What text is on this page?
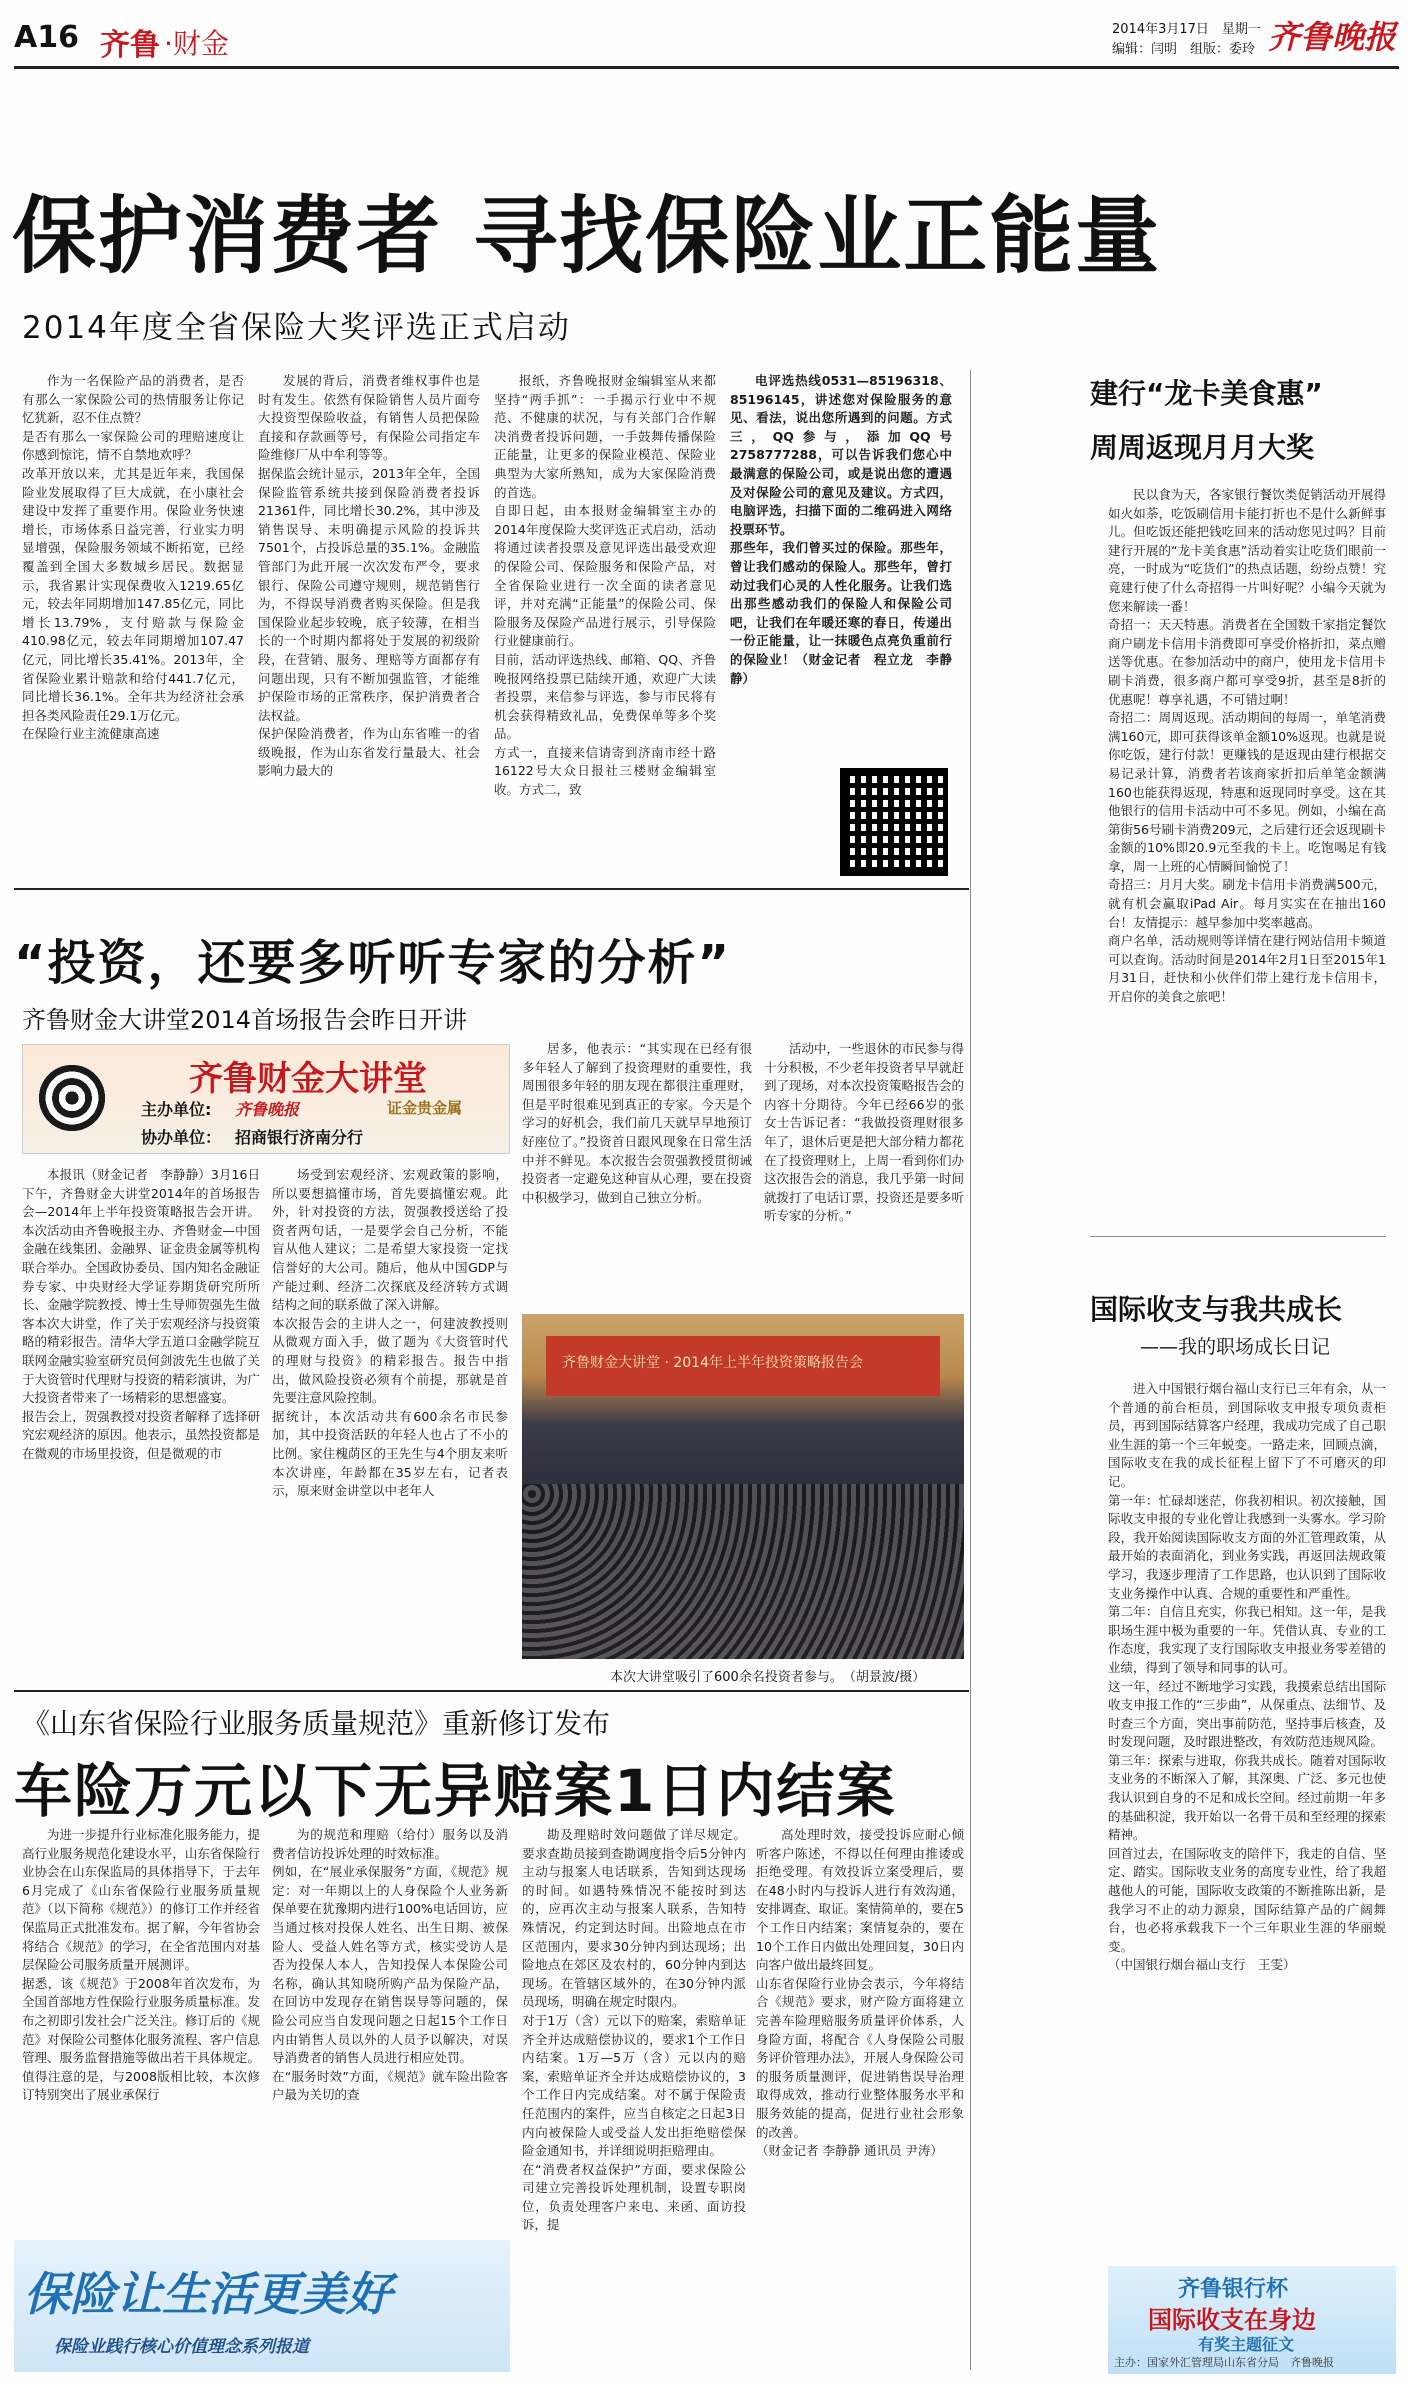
A16 齐鲁 ·财金	2014年3月17日　星期一
编辑：闫明　组版：委玲 齐鲁晚报
保护消费者 寻找保险业正能量
2014年度全省保险大奖评选正式启动

作为一名保险产品的消费者，是否有那么一家保险公司的热情服务让你记忆犹新，忍不住点赞？
是否有那么一家保险公司的理赔速度让你感到惊诧，情不自禁地欢呼？
改革开放以来，尤其是近年来，我国保险业发展取得了巨大成就，在小康社会建设中发挥了重要作用。保险业务快速增长，市场体系日益完善，行业实力明显增强，保险服务领域不断拓宽，已经覆盖到全国大多数城乡居民。数据显示，我省累计实现保费收入1219.65亿元，较去年同期增加147.85亿元，同比增长13.79%，支付赔款与保险金410.98亿元，较去年同期增加107.47亿元，同比增长35.41%。2013年，全省保险业累计赔款和给付441.7亿元，同比增长36.1%。全年共为经济社会承担各类风险责任29.1万亿元。
在保险行业主流健康高速

发展的背后，消费者维权事件也是时有发生。依然有保险销售人员片面夸大投资型保险收益，有销售人员把保险直接和存款画等号，有保险公司指定车险维修厂从中牟利等等。
据保监会统计显示，2013年全年，全国保险监管系统共接到保险消费者投诉21361件，同比增长30.2%，其中涉及销售误导、未明确提示风险的投诉共7501个，占投诉总量的35.1%。金融监管部门为此开展一次次发布严令，要求银行、保险公司遵守规则，规范销售行为，不得误导消费者购买保险。但是我国保险业起步较晚，底子较薄，在相当长的一个时期内都将处于发展的初级阶段，在营销、服务、理赔等方面都存有问题出现，只有不断加强监管，才能维护保险市场的正常秩序，保护消费者合法权益。
保护保险消费者，作为山东省唯一的省级晚报，作为山东省发行量最大、社会影响力最大的

报纸，齐鲁晚报财金编辑室从来都坚持“两手抓”：一手揭示行业中不规范、不健康的状况，与有关部门合作解决消费者投诉问题，一手鼓舞传播保险正能量，让更多的保险业模范、保险业典型为大家所熟知，成为大家保险消费的首选。
自即日起，由本报财金编辑室主办的2014年度保险大奖评选正式启动，活动将通过读者投票及意见评选出最受欢迎的保险公司、保险服务和保险产品，对全省保险业进行一次全面的读者意见评，并对充满“正能量”的保险公司、保险服务及保险产品进行展示，引导保险行业健康前行。
目前，活动评选热线、邮箱、QQ、齐鲁晚报网络投票已陆续开通，欢迎广大读者投票，来信参与评选，参与市民将有机会获得精致礼品，免费保单等多个奖品。
方式一，直接来信请寄到济南市经十路16122号大众日报社三楼财金编辑室收。方式二，致

电评选热线0531—85196318、85196145，讲述您对保险服务的意见、看法，说出您所遇到的问题。方式三，QQ参与，添加QQ号2758777288，可以告诉我们您心中最满意的保险公司，或是说出您的遭遇及对保险公司的意见及建议。方式四，电脑评选，扫描下面的二维码进入网络投票环节。
那些年，我们曾买过的保险。那些年，曾让我们感动的保险人。那些年，曾打动过我们心灵的人性化服务。让我们选出那些感动我们的保险人和保险公司吧，让我们在年暖还寒的春日，传递出一份正能量，让一抹暖色点亮负重前行的保险业！（财金记者　程立龙　李静静）

“投资，还要多听听专家的分析”
齐鲁财金大讲堂2014首场报告会昨日开讲
齐鲁财金大讲堂
主办单位: 齐鲁晚报	证金贵金属
协办单位： 招商银行济南分行

本报讯（财金记者　李静静）3月16日下午，齐鲁财金大讲堂2014年的首场报告会—2014年上半年投资策略报告会开讲。本次活动由齐鲁晚报主办、齐鲁财金—中国金融在线集团、金融界、证金贵金属等机构联合举办。全国政协委员、国内知名金融证券专家、中央财经大学证券期货研究所所长、金融学院教授、博士生导师贺强先生做客本次大讲堂，作了关于宏观经济与投资策略的精彩报告。清华大学五道口金融学院互联网金融实验室研究员何剑波先生也做了关于大资管时代理财与投资的精彩演讲，为广大投资者带来了一场精彩的思想盛宴。
报告会上，贺强教授对投资者解释了选择研究宏观经济的原因。他表示，虽然投资都是在微观的市场里投资，但是微观的市

场受到宏观经济、宏观政策的影响，所以要想搞懂市场，首先要搞懂宏观。此外，针对投资的方法，贺强教授送给了投资者两句话，一是要学会自己分析，不能盲从他人建议；二是希望大家投资一定找信誉好的大公司。随后，他从中国GDP与产能过剩、经济二次探底及经济转方式调结构之间的联系做了深入讲解。
本次报告会的主讲人之一，何建波教授则从微观方面入手，做了题为《大资管时代的理财与投资》的精彩报告。报告中指出，做风险投资必须有个前提，那就是首先要注意风险控制。
据统计，本次活动共有600余名市民参加，其中投资活跃的年轻人也占了不小的比例。家住槐荫区的王先生与4个朋友来听本次讲座，年龄都在35岁左右，记者表示，原来财金讲堂以中老年人

居多，他表示：“其实现在已经有很多年轻人了解到了投资理财的重要性，我周围很多年轻的朋友现在都很注重理财，但是平时很难见到真正的专家。今天是个学习的好机会，我们前几天就早早地预订好座位了。”投资首日跟风现象在日常生活中并不鲜见。本次报告会贺强教授贯彻诫投资者一定避免这种盲从心理，要在投资中积极学习，做到自己独立分析。

活动中，一些退休的市民参与得十分积极，不少老年投资者早早就赶到了现场，对本次投资策略报告会的内容十分期待。今年已经66岁的张女士告诉记者：“我做投资理财很多年了，退休后更是把大部分精力都花在了投资理财上，上周一看到你们办这次报告会的消息，我几乎第一时间就拨打了电话订票，投资还是要多听听专家的分析。”

齐鲁财金大讲堂 · 2014年上半年投资策略报告会
本次大讲堂吸引了600余名投资者参与。　（胡景波/摄）
《山东省保险行业服务质量规范》重新修订发布
车险万元以下无异赔案1日内结案

为进一步提升行业标准化服务能力，提高行业服务规范化建设水平，山东省保险行业协会在山东保监局的具体指导下，于去年6月完成了《山东省保险行业服务质量规范》（以下简称《规范》）的修订工作并经省保监局正式批准发布。据了解，今年省协会将结合《规范》的学习，在全省范围内对基层保险公司服务质量开展测评。
据悉，该《规范》于2008年首次发布，为全国首部地方性保险行业服务质量标准。发布之初即引发社会广泛关注。修订后的《规范》对保险公司整体化服务流程、客户信息管理、服务监督措施等做出若干具体规定。值得注意的是，与2008版相比较，本次修订特别突出了展业承保行

为的规范和理赔（给付）服务以及消费者信访投诉处理的时效标准。
例如，在“展业承保服务”方面，《规范》规定：对一年期以上的人身保险个人业务新保单要在犹豫期内进行100%电话回访，应当通过核对投保人姓名、出生日期、被保险人、受益人姓名等方式，核实受访人是否为投保人本人，告知投保人本保险公司名称，确认其知晓所购产品为保险产品，在回访中发现存在销售误导等问题的，保险公司应当自发现问题之日起15个工作日内由销售人员以外的人员予以解决，对误导消费者的销售人员进行相应处罚。
在“服务时效”方面，《规范》就车险出险客户最为关切的查

勘及理赔时效问题做了详尽规定。要求查勘员接到查勘调度指令后5分钟内主动与报案人电话联系，告知到达现场的时间。如遇特殊情况不能按时到达的，应再次主动与报案人联系，告知特殊情况，约定到达时间。出险地点在市区范围内，要求30分钟内到达现场；出险地点在郊区及农村的，60分钟内到达现场。在管辖区域外的，在30分钟内派员现场，明确在规定时限内。
对于1万（含）元以下的赔案，索赔单证齐全并达成赔偿协议的，要求1个工作日内结案。1万—5万（含）元以内的赔案，索赔单证齐全并达成赔偿协议的，3个工作日内完成结案。对不属于保险责任范围内的案件，应当自核定之日起3日内向被保险人或受益人发出拒绝赔偿保险金通知书，并详细说明拒赔理由。
在“消费者权益保护”方面，要求保险公司建立完善投诉处理机制，设置专职岗位，负责处理客户来电、来函、面访投诉，提

高处理时效，接受投诉应耐心倾听客户陈述，不得以任何理由推诿或拒绝受理。有效投诉立案受理后，要在48小时内与投诉人进行有效沟通，安排调查、取证。案情简单的，要在5个工作日内结案；案情复杂的，要在10个工作日内做出处理回复，30日内向客户做出最终回复。
山东省保险行业协会表示，今年将结合《规范》要求，财产险方面将建立完善车险理赔服务质量评价体系，人身险方面，将配合《人身保险公司服务评价管理办法》，开展人身保险公司的服务质量测评，促进销售误导治理取得成效，推动行业整体服务水平和服务效能的提高，促进行业社会形象的改善。
（财金记者 李静静 通讯员 尹涛）

保险让生活更美好
保险业践行核心价值理念系列报道
建行“龙卡美食惠”
周周返现月月大奖

民以食为天，各家银行餐饮类促销活动开展得如火如荼，吃饭刷信用卡能打折也不是什么新鲜事儿。但吃饭还能把钱吃回来的活动您见过吗？目前建行开展的“龙卡美食惠”活动着实让吃货们眼前一亮，一时成为“吃货们”的热点话题，纷纷点赞！究竟建行使了什么奇招得一片叫好呢？小编今天就为您来解读一番！
奇招一：天天特惠。消费者在全国数千家指定餐饮商户刷龙卡信用卡消费即可享受价格折扣，菜点赠送等优惠。在参加活动中的商户，使用龙卡信用卡刷卡消费，很多商户都可享受9折，甚至是8折的优惠呢！尊享礼遇，不可错过啊！
奇招二：周周返现。活动期间的每周一，单笔消费满160元，即可获得该单金额10%返现。也就是说你吃饭，建行付款！更赚钱的是返现由建行根据交易记录计算，消费者若该商家折扣后单笔金额满160也能获得返现，特惠和返现同时享受。这在其他银行的信用卡活动中可不多见。例如，小编在高第街56号刷卡消费209元，之后建行还会返现刷卡金额的10%即20.9元至我的卡上。吃饱喝足有钱拿，周一上班的心情瞬间愉悦了！
奇招三：月月大奖。刷龙卡信用卡消费满500元，就有机会赢取iPad Air。每月实实在在抽出160台！友情提示：越早参加中奖率越高。
商户名单，活动规则等详情在建行网站信用卡频道可以查询。活动时间是2014年2月1日至2015年1月31日，赶快和小伙伴们带上建行龙卡信用卡，开启你的美食之旅吧！

国际收支与我共成长
——我的职场成长日记

进入中国银行烟台福山支行已三年有余，从一个普通的前台柜员，到国际收支申报专项负责柜员，再到国际结算客户经理，我成功完成了自己职业生涯的第一个三年蜕变。一路走来，回顾点滴，国际收支在我的成长征程上留下了不可磨灭的印记。
第一年：忙碌却迷茫，你我初相识。初次接触，国际收支申报的专业化曾让我感到一头雾水。学习阶段，我开始阅读国际收支方面的外汇管理政策，从最开始的表面消化，到业务实践，再返回法规政策学习，我逐步理清了工作思路，也认识到了国际收支业务操作中认真、合规的重要性和严重性。
第二年：自信且充实，你我已相知。这一年，是我职场生涯中极为重要的一年。凭借认真、专业的工作态度，我实现了支行国际收支申报业务零差错的业绩，得到了领导和同事的认可。
这一年，经过不断地学习实践，我摸索总结出国际收支申报工作的“三步曲”，从保重点、法细节、及时查三个方面，突出事前防范，坚持事后核查，及时发现问题，及时跟进整改，有效防范违规风险。
第三年：探索与进取，你我共成长。随着对国际收支业务的不断深入了解，其深奥、广泛、多元也使我认识到自身的不足和成长空间。经过前期一年多的基础积淀，我开始以一名骨干员和至经理的探索精神。
回首过去，在国际收支的陪伴下，我走的自信、坚定、踏实。国际收支业务的高度专业性，给了我超越他人的可能，国际收支政策的不断推陈出新，是我学习不止的动力源泉，国际结算产品的广阔舞台，也必将承载我下一个三年职业生涯的华丽蜕变。
（中国银行烟台福山支行　王雯）

齐鲁银行杯
国际收支在身边
有奖主题征文
主办：国家外汇管理局山东省分局　齐鲁晚报
